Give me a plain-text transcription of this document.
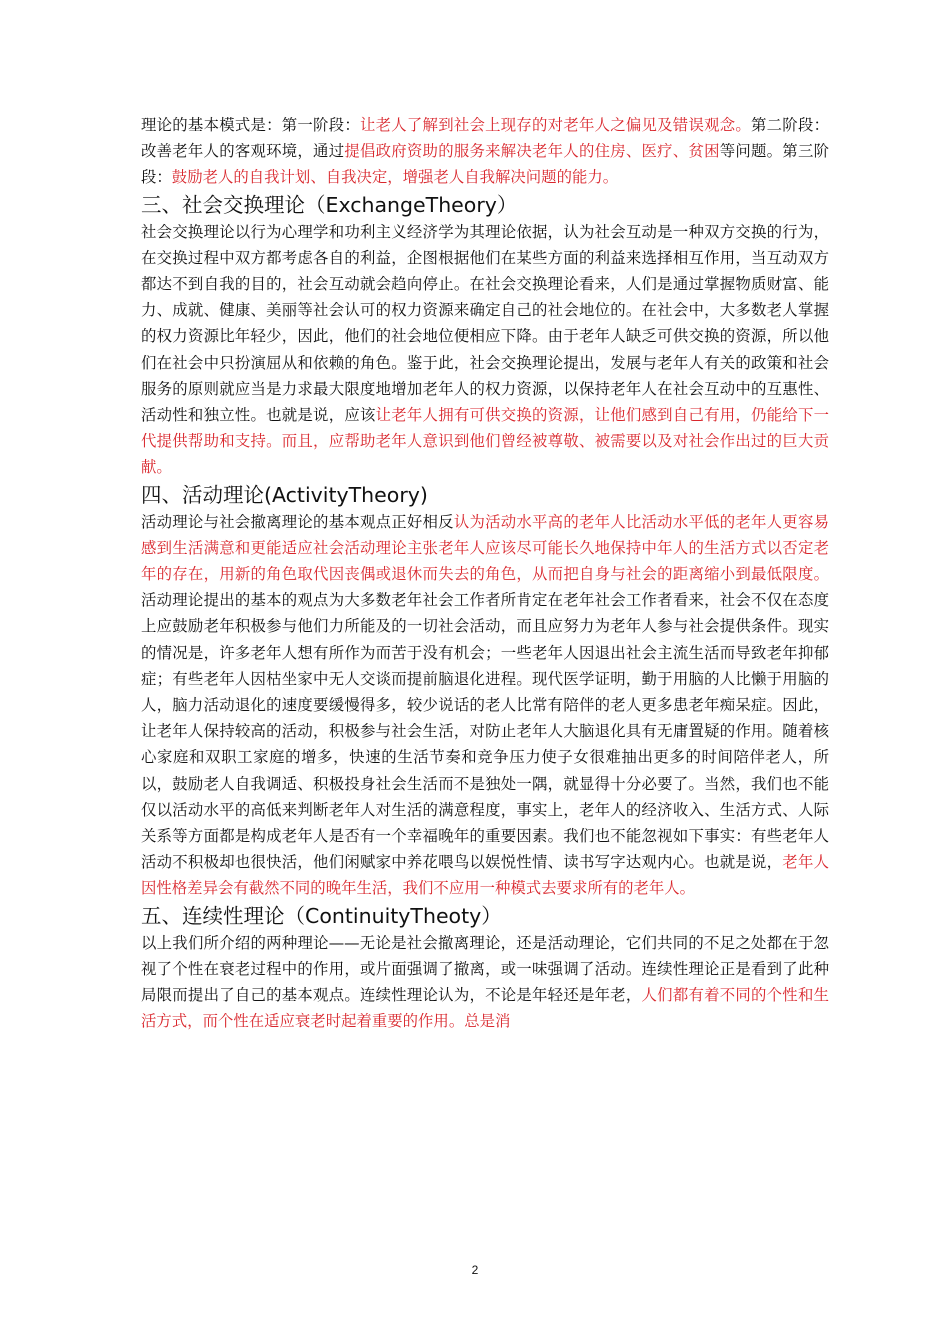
理论的基本模式是：第一阶段：让老人了解到社会上现存的对老年人之偏见及错误观念。第二阶段：改善老年人的客观环境，通过提倡政府资助的服务来解决老年人的住房、医疗、贫困等问题。第三阶段：鼓励老人的自我计划、自我决定，增强老人自我解决问题的能力。

三、社会交换理论（ExchangeTheory）

社会交换理论以行为心理学和功利主义经济学为其理论依据，认为社会互动是一种双方交换的行为，在交换过程中双方都考虑各自的利益，企图根据他们在某些方面的利益来选择相互作用，当互动双方都达不到自我的目的，社会互动就会趋向停止。在社会交换理论看来，人们是通过掌握物质财富、能力、成就、健康、美丽等社会认可的权力资源来确定自己的社会地位的。在社会中，大多数老人掌握的权力资源比年轻少，因此，他们的社会地位便相应下降。由于老年人缺乏可供交换的资源，所以他们在社会中只扮演屈从和依赖的角色。鉴于此，社会交换理论提出，发展与老年人有关的政策和社会服务的原则就应当是力求最大限度地增加老年人的权力资源，以保持老年人在社会互动中的互惠性、活动性和独立性。也就是说，应该让老年人拥有可供交换的资源，让他们感到自己有用，仍能给下一代提供帮助和支持。而且，应帮助老年人意识到他们曾经被尊敬、被需要以及对社会作出过的巨大贡献。

四、活动理论(ActivityTheory)

活动理论与社会撤离理论的基本观点正好相反认为活动水平高的老年人比活动水平低的老年人更容易感到生活满意和更能适应社会活动理论主张老年人应该尽可能长久地保持中年人的生活方式以否定老年的存在，用新的角色取代因丧偶或退休而失去的角色，从而把自身与社会的距离缩小到最低限度。活动理论提出的基本的观点为大多数老年社会工作者所肯定在老年社会工作者看来，社会不仅在态度上应鼓励老年积极参与他们力所能及的一切社会活动，而且应努力为老年人参与社会提供条件。现实的情况是，许多老年人想有所作为而苦于没有机会；一些老年人因退出社会主流生活而导致老年抑郁症；有些老年人因枯坐家中无人交谈而提前脑退化进程。现代医学证明，勤于用脑的人比懒于用脑的人，脑力活动退化的速度要缓慢得多，较少说话的老人比常有陪伴的老人更多患老年痴呆症。因此，让老年人保持较高的活动，积极参与社会生活，对防止老年人大脑退化具有无庸置疑的作用。随着核心家庭和双职工家庭的增多，快速的生活节奏和竞争压力使子女很难抽出更多的时间陪伴老人，所以，鼓励老人自我调适、积极投身社会生活而不是独处一隅，就显得十分必要了。当然，我们也不能仅以活动水平的高低来判断老年人对生活的满意程度，事实上，老年人的经济收入、生活方式、人际关系等方面都是构成老年人是否有一个幸福晚年的重要因素。我们也不能忽视如下事实：有些老年人活动不积极却也很快活，他们闲赋家中养花喂鸟以娱悦性情、读书写字达观内心。也就是说，老年人因性格差异会有截然不同的晚年生活，我们不应用一种模式去要求所有的老年人。

五、连续性理论（ContinuityTheoty）

以上我们所介绍的两种理论——无论是社会撤离理论，还是活动理论，它们共同的不足之处都在于忽视了个性在衰老过程中的作用，或片面强调了撤离，或一味强调了活动。连续性理论正是看到了此种局限而提出了自己的基本观点。连续性理论认为，不论是年轻还是年老，人们都有着不同的个性和生活方式，而个性在适应衰老时起着重要的作用。总是消

2
